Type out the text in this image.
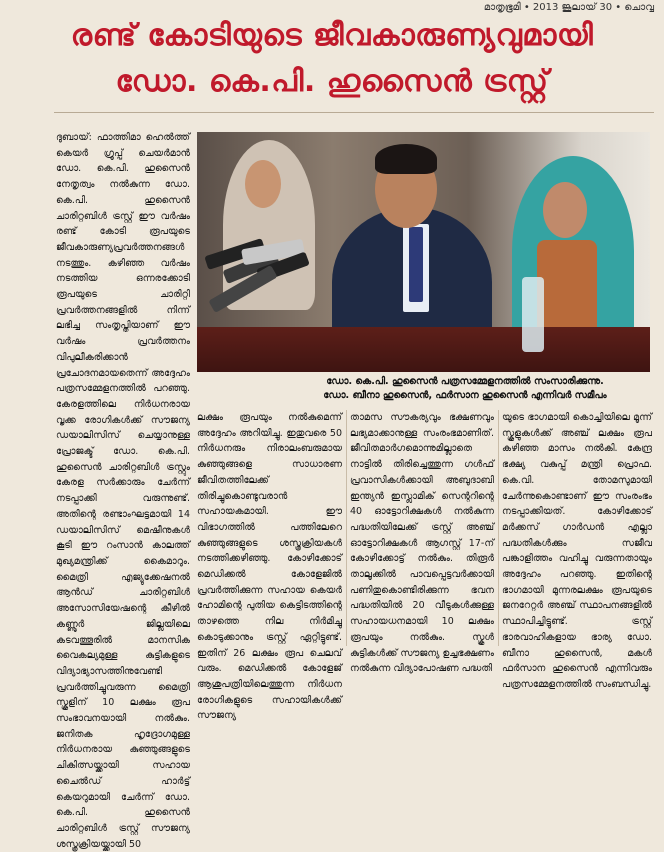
മാതൃഭൂമി • 2013 ജൂലായ് 30 • ചൊവ്വ
രണ്ട് കോടിയുടെ ജീവകാരുണ്യവുമായി
ഡോ. കെ.പി. ഹുസൈൻ ട്രസ്റ്റ്
ഡോ. കെ.പി. ഹുസൈൻ പത്രസമ്മേളനത്തിൽ സംസാരിക്കുന്നു.
ഡോ. ബീനാ ഹുസൈൻ, ഫർസാന ഹുസൈൻ എന്നിവർ സമീപം

ദുബായ്: ഫാത്തിമാ ഹെൽത്ത് കെയർ ഗ്രൂപ്പ് ചെയർമാൻ ഡോ. കെ.പി. ഹുസൈൻ നേതൃത്വം നൽകുന്ന ഡോ. കെ.പി. ഹുസൈൻ ചാരിറ്റബിൾ ട്രസ്റ്റ് ഈ വർഷം രണ്ട് കോടി രൂപയുടെ ജീവകാരുണ്യപ്രവർത്തനങ്ങൾ നടത്തും. കഴിഞ്ഞ വർഷം നടത്തിയ ഒന്നരക്കോടി രൂപയുടെ ചാരിറ്റി പ്രവർത്തനങ്ങളിൽ നിന്ന് ലഭിച്ച സംതൃപ്തിയാണ് ഈ വർഷം പ്രവർത്തനം വിപുലീകരിക്കാൻ പ്രചോദനമായതെന്ന് അദ്ദേഹം പത്രസമ്മേളനത്തിൽ പറഞ്ഞു. കേരളത്തിലെ നിർധനരായ വൃക്ക രോഗികൾക്ക് സൗജന്യ ഡയാലിസിസ് ചെയ്യാനുള്ള പ്രോജക്ട് ഡോ. കെ.പി. ഹുസൈൻ ചാരിറ്റബിൾ ട്രസ്റ്റും കേരള സർക്കാരും ചേർന്ന് നടപ്പാക്കി വരുന്നുണ്ട്. അതിന്റെ രണ്ടാംഘട്ടമായി 14 ഡയാലിസിസ് മെഷീനുകൾ കൂടി ഈ റംസാൻ കാലത്ത് മുഖ്യമന്ത്രിക്ക് കൈമാറും. മൈത്രി എജ്യുക്കേഷനൽ ആൻഡ് ചാരിറ്റബിൾ അസോസിയേഷന്റെ കീഴിൽ കണ്ണൂർ ജില്ലയിലെ കടവത്തൂരിൽ മാനസിക വൈകല്യമുള്ള കുട്ടികളുടെ വിദ്യാഭ്യാസത്തിനുവേണ്ടി പ്രവർത്തിച്ചുവരുന്ന മൈത്രി സ്കൂളിന് 10 ലക്ഷം രൂപ സംഭാവനയായി നൽകും. ജനിതക ഹൃദ്രോഗമുള്ള നിർധനരായ കുഞ്ഞുങ്ങളുടെ ചികിത്സയ്ക്കായി സഹായ ചൈൽഡ് ഹാർട്ട് കെയറുമായി ചേർന്ന് ഡോ. കെ.പി. ഹുസൈൻ ചാരിറ്റബിൾ ട്രസ്റ്റ് സൗജന്യ ശസ്ത്രക്രിയയ്ക്കായി 50

ലക്ഷം രൂപയും നൽകുമെന്ന് അദ്ദേഹം അറിയിച്ചു. ഇതുവരെ 50 നിർധനരും നിരാലംബരുമായ കുഞ്ഞുങ്ങളെ സാധാരണ ജീവിതത്തിലേക്ക് തിരിച്ചുകൊണ്ടുവരാൻ സഹായകമായി. ഈ വിഭാഗത്തിൽ പത്തിലേറെ കുഞ്ഞുങ്ങളുടെ ശസ്ത്രക്രിയകൾ നടത്തിക്കഴിഞ്ഞു. കോഴിക്കോട് മെഡിക്കൽ കോളേജിൽ പ്രവർത്തിക്കുന്ന സഹായ കെയർ ഹോമിന്റെ പുതിയ കെട്ടിടത്തിന്റെ താഴത്തെ നില നിർമിച്ചു കൊടുക്കാനും ട്രസ്റ്റ് ഏറ്റിട്ടുണ്ട്. ഇതിന് 26 ലക്ഷം രൂപ ചെലവ് വരും. മെഡിക്കൽ കോളേജ് ആശുപത്രിയിലെത്തുന്ന നിർധന രോഗികളുടെ സഹായികൾക്ക് സൗജന്യ

താമസ സൗകര്യവും ഭക്ഷണവും ലഭ്യമാക്കാനുള്ള സംരംഭമാണിത്. ജീവിതമാർഗമൊന്നുമില്ലാതെ നാട്ടിൽ തിരിച്ചെത്തുന്ന ഗൾഫ് പ്രവാസികൾക്കായി അബുദാബി ഇന്ത്യൻ ഇസ്ലാമിക് സെന്ററിന്റെ 40 ഓട്ടോറിക്ഷകൾ നൽകുന്ന പദ്ധതിയിലേക്ക് ട്രസ്റ്റ് അഞ്ച് ഓട്ടോറിക്ഷകൾ ആഗസ്റ്റ് 17-ന് കോഴിക്കോട്ട് നൽകും. തിരൂർ താലൂക്കിൽ പാവപ്പെട്ടവർക്കായി പണിതുകൊണ്ടിരിക്കുന്ന ഭവന പദ്ധതിയിൽ 20 വീടുകൾക്കുള്ള സഹായധനമായി 10 ലക്ഷം രൂപയും നൽകും. സ്കൂൾ കുട്ടികൾക്ക് സൗജന്യ ഉച്ചഭക്ഷണം നൽകുന്ന വിദ്യാപോഷണ പദ്ധതി

യുടെ ഭാഗമായി കൊച്ചിയിലെ മൂന്ന് സ്കൂളുകൾക്ക് അഞ്ച് ലക്ഷം രൂപ കഴിഞ്ഞ മാസം നൽകി. കേന്ദ്ര ഭക്ഷ്യ വകുപ്പ് മന്ത്രി പ്രൊഫ. കെ.വി. തോമസുമായി ചേർന്നുകൊണ്ടാണ് ഈ സംരംഭം നടപ്പാക്കിയത്. കോഴിക്കോട് മർക്കസ് ഗാർഡൻ എല്ലാ പദ്ധതികൾക്കും സജീവ പങ്കാളിത്തം വഹിച്ചു വരുന്നതായും അദ്ദേഹം പറഞ്ഞു. ഇതിന്റെ ഭാഗമായി മുന്നരലക്ഷം രൂപയുടെ ജനറേറ്റർ അഞ്ച് സ്ഥാപനങ്ങളിൽ സ്ഥാപിച്ചിട്ടുണ്ട്. ട്രസ്റ്റ് ഭാരവാഹികളായ ഭാര്യ ഡോ. ബീനാ ഹുസൈൻ, മകൾ ഫർസാന ഹുസൈൻ എന്നിവരും പത്രസമ്മേളനത്തിൽ സംബന്ധിച്ചു.
